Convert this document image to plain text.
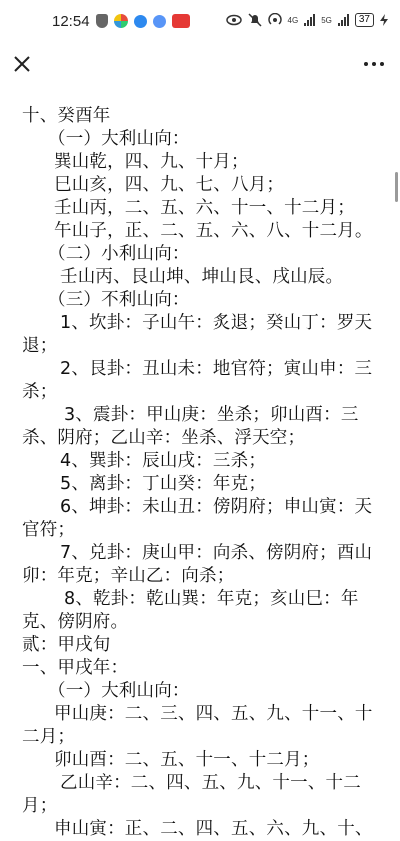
12:54	4G	5G	37
十、癸酉年
（一）大利山向：
巽山乾，四、九、十月；
巳山亥，四、九、七、八月；
壬山丙，二、五、六、十一、十二月；
午山子，正、二、五、六、八、十二月。
（二）小利山向：
壬山丙、艮山坤、坤山艮、戌山辰。
（三）不利山向：
1、坎卦：子山午：炙退；癸山丁：罗天
退；
2、艮卦：丑山未：地官符；寅山申：三
杀；
3、震卦：甲山庚：坐杀；卯山酉：三
杀、阴府；乙山辛：坐杀、浮天空；
4、巽卦：辰山戌：三杀；
5、离卦：丁山癸：年克；
6、坤卦：未山丑：傍阴府；申山寅：天
官符；
7、兑卦：庚山甲：向杀、傍阴府；酉山
卯：年克；辛山乙：向杀；
8、乾卦：乾山巽：年克；亥山巳：年
克、傍阴府。
贰：甲戌旬
一、甲戌年：
（一）大利山向：
甲山庚：二、三、四、五、九、十一、十
二月；
卯山酉：二、五、十一、十二月；
乙山辛：二、四、五、九、十一、十二
月；
申山寅：正、二、四、五、六、九、十、
